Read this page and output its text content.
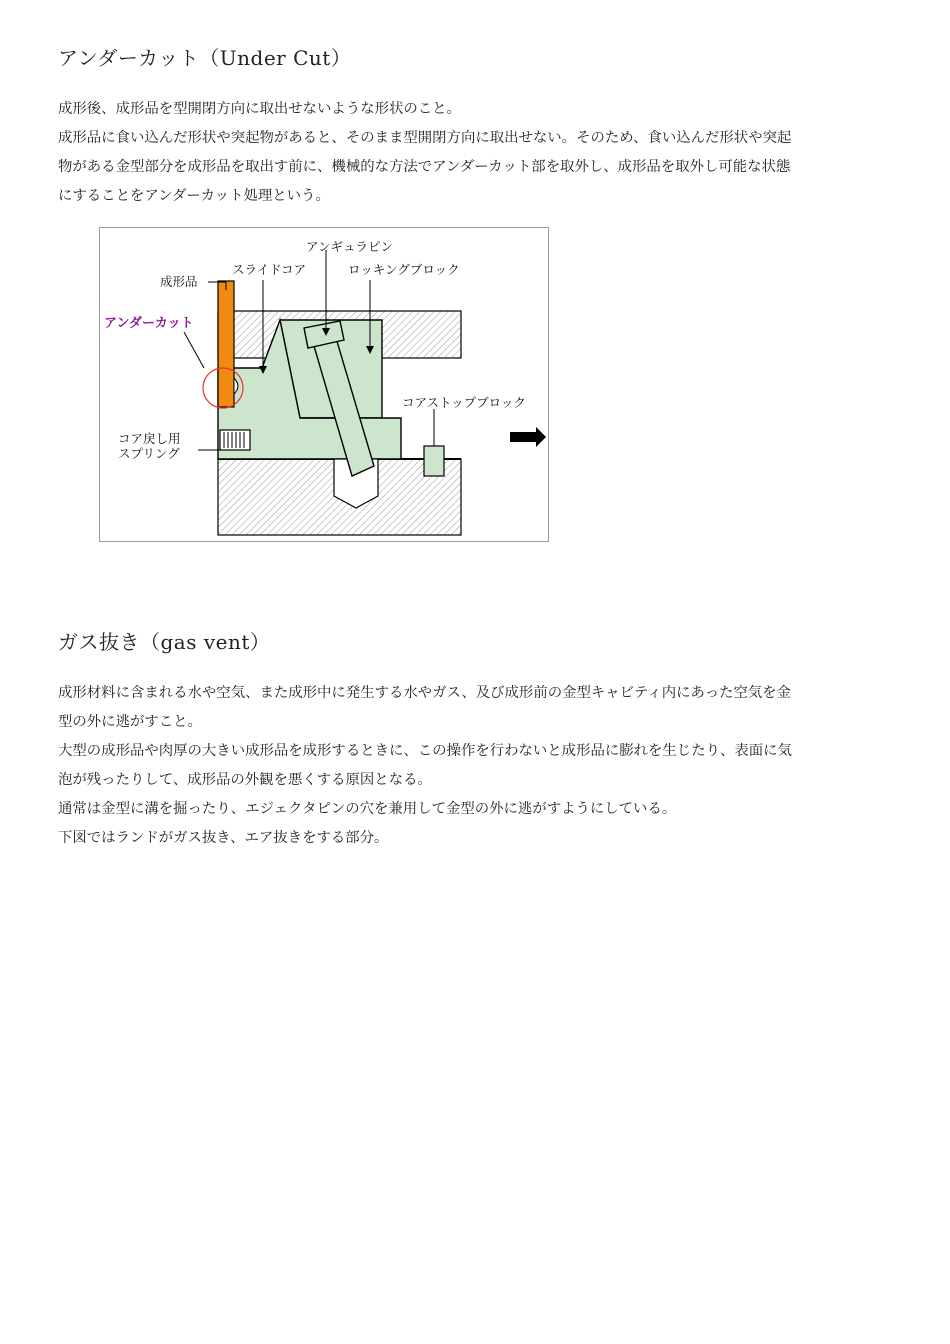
アンダーカット（Under Cut）
成形後、成形品を型開閉方向に取出せないような形状のこと。
成形品に食い込んだ形状や突起物があると、そのまま型開閉方向に取出せない。そのため、食い込んだ形状や突起
物がある金型部分を成形品を取出す前に、機械的な方法でアンダーカット部を取外し、成形品を取外し可能な状態
にすることをアンダーカット処理という。
成形品
スライドコア
アンギュラピン
ロッキングブロック
アンダーカット
コアストップブロック
コア戻し用
スプリング
ガス抜き（gas vent）
成形材料に含まれる水や空気、また成形中に発生する水やガス、及び成形前の金型キャビティ内にあった空気を金
型の外に逃がすこと。
大型の成形品や肉厚の大きい成形品を成形するときに、この操作を行わないと成形品に膨れを生じたり、表面に気
泡が残ったりして、成形品の外観を悪くする原因となる。
通常は金型に溝を掘ったり、エジェクタピンの穴を兼用して金型の外に逃がすようにしている。
下図ではランドがガス抜き、エア抜きをする部分。
